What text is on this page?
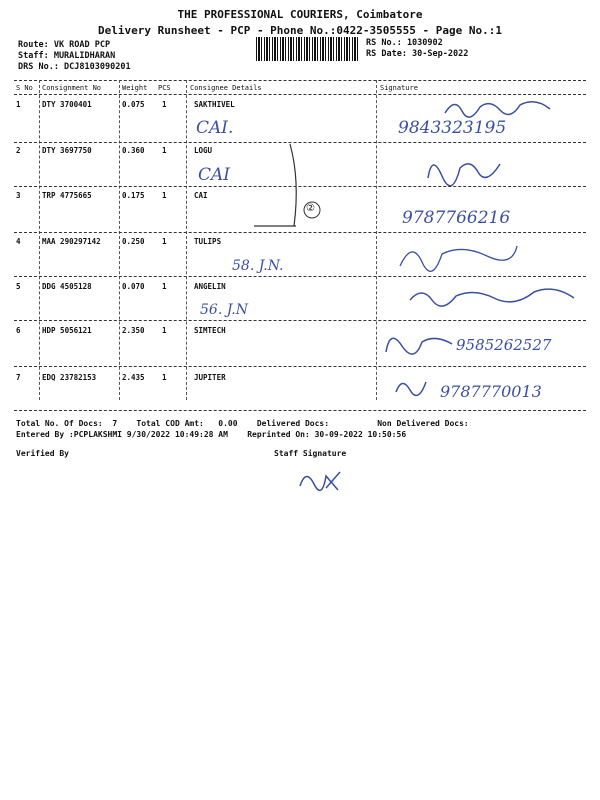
THE PROFESSIONAL COURIERS, Coimbatore
Delivery Runsheet - PCP - Phone No.:0422-3505555 - Page No.:1
Route: VK ROAD PCP
Staff: MURALIDHARAN
DRS No.: DCJ8103090201
RS No.: 1030902
RS Date: 30-Sep-2022
S No Consignment No	Weight PCS	Consignee Details	Signature
1	DTY 3700401	0.075 1	SAKTHIVEL
CAI.	9843323195
2	DTY 3697750	0.360 1	LOGU
CAI
②
3	TRP 4775665	0.175 1	CAI
9787766216
4	MAA 290297142	0.250 1	TULIPS
58. J.N.
5	DDG 4505128	0.070 1	ANGELIN
56. J.N
6	HDP 5056121	2.350 1	SIMTECH
9585262527
7	EDQ 23782153	2.435 1	JUPITER
9787770013
Total No. Of Docs:  7    Total COD Amt:   0.00    Delivered Docs:          Non Delivered Docs:
Entered By :PCPLAKSHMI 9/30/2022 10:49:28 AM    Reprinted On: 30-09-2022 10:50:56
Verified By	Staff Signature
